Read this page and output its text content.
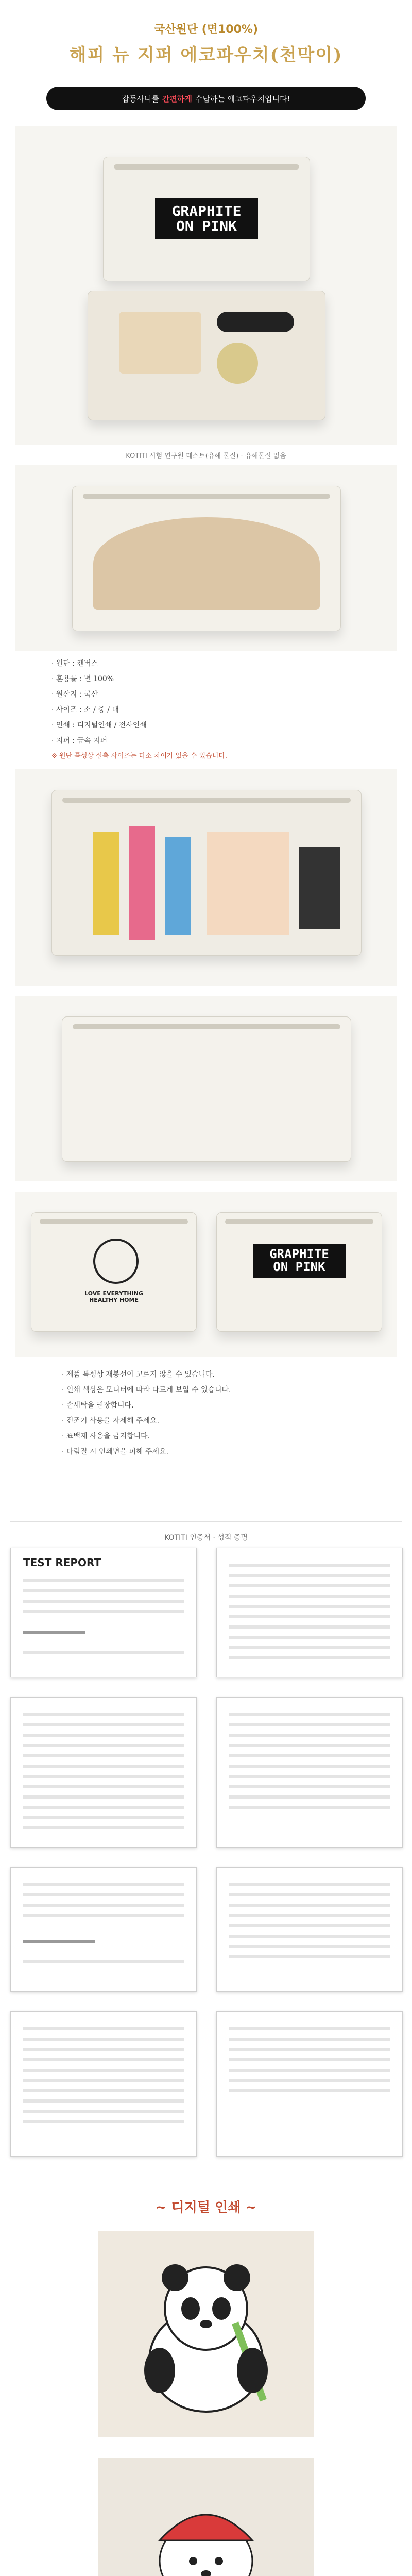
국산원단 (면100%)
해피 뉴 지퍼 에코파우치(천막이)
잡동사니를 간편하게 수납하는 에코파우치입니다!
GRAPHITE
ON PINK
KOTITI 시험 연구원 테스트(유해 물질) - 유해물질 없음
· 원단 : 캔버스
· 혼용률 : 면 100%
· 원산지 : 국산
· 사이즈 : 소 / 중 / 대
· 인쇄 : 디지털인쇄 / 전사인쇄
· 지퍼 : 금속 지퍼
※ 원단 특성상 실측 사이즈는 다소 차이가 있을 수 있습니다.
LOVE EVERYTHING
HEALTHY HOME
GRAPHITE
ON PINK
· 제품 특성상 재봉선이 고르지 않을 수 있습니다.
· 인쇄 색상은 모니터에 따라 다르게 보일 수 있습니다.
· 손세탁을 권장합니다.
· 건조기 사용을 자제해 주세요.
· 표백제 사용을 금지합니다.
· 다림질 시 인쇄면을 피해 주세요.
KOTITI 인증서 · 성적 증명
TEST REPORT
~ 디지털 인쇄 ~
